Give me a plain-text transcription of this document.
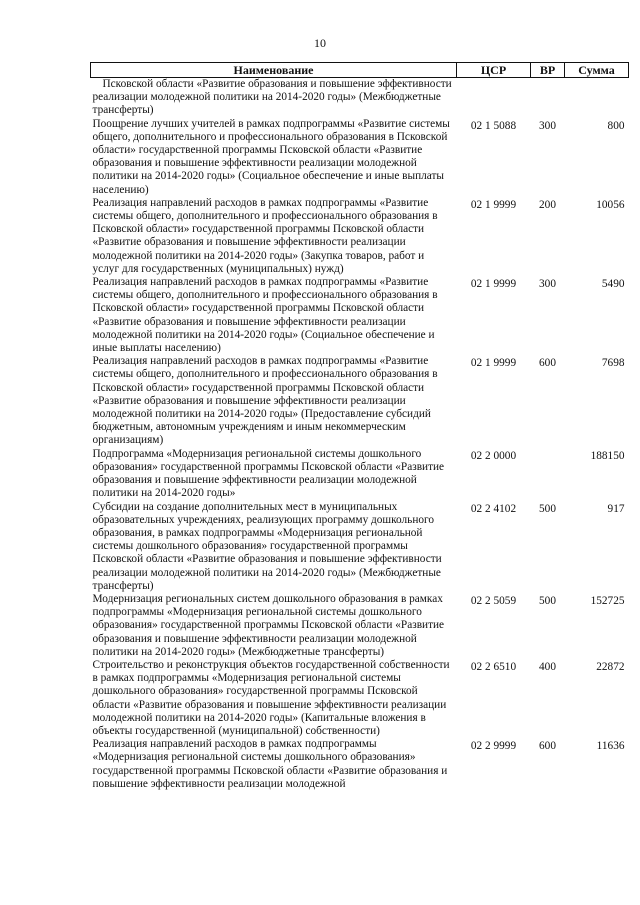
10
Наименование	ЦСР	ВР	Сумма
Псковской области «Развитие образования и повышение эффективности реализации молодежной политики на 2014-2020 годы» (Межбюджетные трансферты)			
Поощрение лучших учителей в рамках подпрограммы «Развитие системы общего, дополнительного и профессионального образования в Псковской области» государственной программы Псковской области «Развитие образования и повышение эффективности реализации молодежной политики на 2014-2020 годы» (Социальное обеспечение и иные выплаты населению)	02 1 5088	300	800
Реализация направлений расходов в рамках подпрограммы «Развитие системы общего, дополнительного и профессионального образования в Псковской области» государственной программы Псковской области «Развитие образования и повышение эффективности реализации молодежной политики на 2014-2020 годы» (Закупка товаров, работ и услуг для государственных (муниципальных) нужд)	02 1 9999	200	10056
Реализация направлений расходов в рамках подпрограммы «Развитие системы общего, дополнительного и профессионального образования в Псковской области» государственной программы Псковской области «Развитие образования и повышение эффективности реализации молодежной политики на 2014-2020 годы» (Социальное обеспечение и иные выплаты населению)	02 1 9999	300	5490
Реализация направлений расходов в рамках подпрограммы «Развитие системы общего, дополнительного и профессионального образования в Псковской области» государственной программы Псковской области «Развитие образования и повышение эффективности реализации молодежной политики на 2014-2020 годы» (Предоставление субсидий бюджетным, автономным учреждениям и иным некоммерческим организациям)	02 1 9999	600	7698
Подпрограмма «Модернизация региональной системы дошкольного образования» государственной программы Псковской области «Развитие образования и повышение эффективности реализации молодежной политики на 2014-2020 годы»	02 2 0000		188150
Субсидии на создание дополнительных мест в муниципальных образовательных учреждениях, реализующих программу дошкольного образования, в рамках подпрограммы «Модернизация региональной системы дошкольного образования» государственной программы Псковской области «Развитие образования и повышение эффективности реализации молодежной политики на 2014-2020 годы» (Межбюджетные трансферты)	02 2 4102	500	917
Модернизация региональных систем дошкольного образования в рамках подпрограммы «Модернизация региональной системы дошкольного образования» государственной программы Псковской области «Развитие образования и повышение эффективности реализации молодежной политики на 2014-2020 годы» (Межбюджетные трансферты)	02 2 5059	500	152725
Строительство и реконструкция объектов государственной собственности в рамках подпрограммы «Модернизация региональной системы дошкольного образования» государственной программы Псковской области «Развитие образования и повышение эффективности реализации молодежной политики на 2014-2020 годы» (Капитальные вложения в объекты государственной (муниципальной) собственности)	02 2 6510	400	22872
Реализация направлений расходов в рамках подпрограммы «Модернизация региональной системы дошкольного образования» государственной программы Псковской области «Развитие образования и повышение эффективности реализации молодежной	02 2 9999	600	11636
